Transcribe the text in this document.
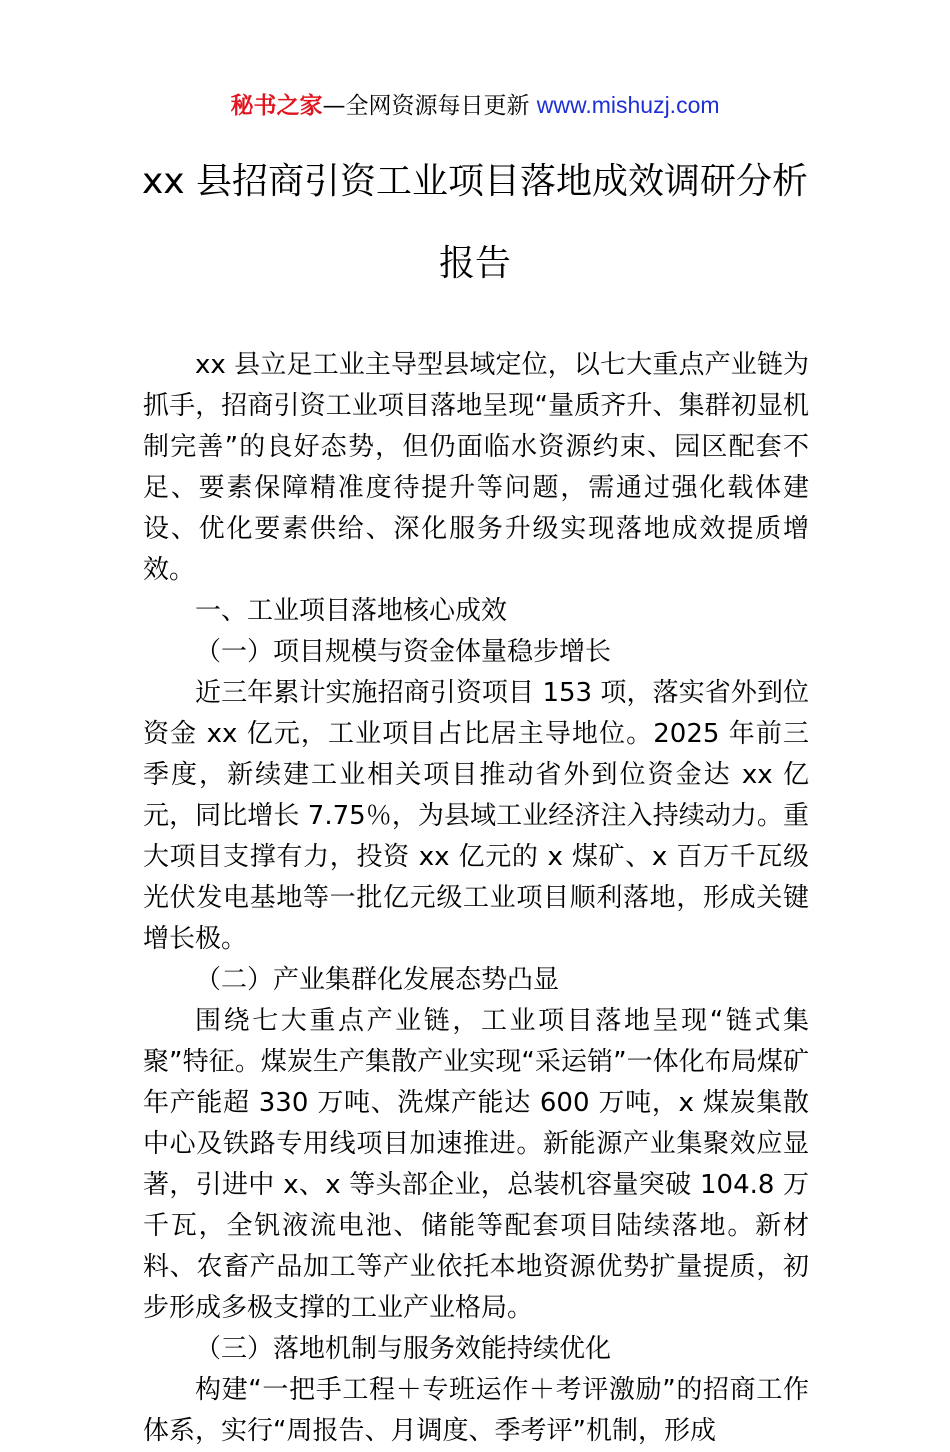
秘书之家—全网资源每日更新 www.mishuzj.com
xx 县招商引资工业项目落地成效调研分析
报告

xx 县立足工业主导型县域定位，以七大重点产业链为抓手，招商引资工业项目落地呈现“量质齐升、集群初显机制完善”的良好态势，但仍面临水资源约束、园区配套不足、要素保障精准度待提升等问题，需通过强化载体建设、优化要素供给、深化服务升级实现落地成效提质增效。

一、工业项目落地核心成效

（一）项目规模与资金体量稳步增长

近三年累计实施招商引资项目 153 项，落实省外到位资金 xx 亿元，工业项目占比居主导地位。2025 年前三季度，新续建工业相关项目推动省外到位资金达 xx 亿元，同比增长 7.75％，为县域工业经济注入持续动力。重大项目支撑有力，投资 xx 亿元的 x 煤矿、x 百万千瓦级光伏发电基地等一批亿元级工业项目顺利落地，形成关键增长极。

（二）产业集群化发展态势凸显

围绕七大重点产业链，工业项目落地呈现“链式集聚”特征。煤炭生产集散产业实现“采运销”一体化布局煤矿年产能超 330 万吨、洗煤产能达 600 万吨，x 煤炭集散中心及铁路专用线项目加速推进。新能源产业集聚效应显著，引进中 x、x 等头部企业，总装机容量突破 104.8 万千瓦，全钒液流电池、储能等配套项目陆续落地。新材料、农畜产品加工等产业依托本地资源优势扩量提质，初步形成多极支撑的工业产业格局。

（三）落地机制与服务效能持续优化

构建“一把手工程＋专班运作＋考评激励”的招商工作体系，实行“周报告、月调度、季考评”机制，形成
